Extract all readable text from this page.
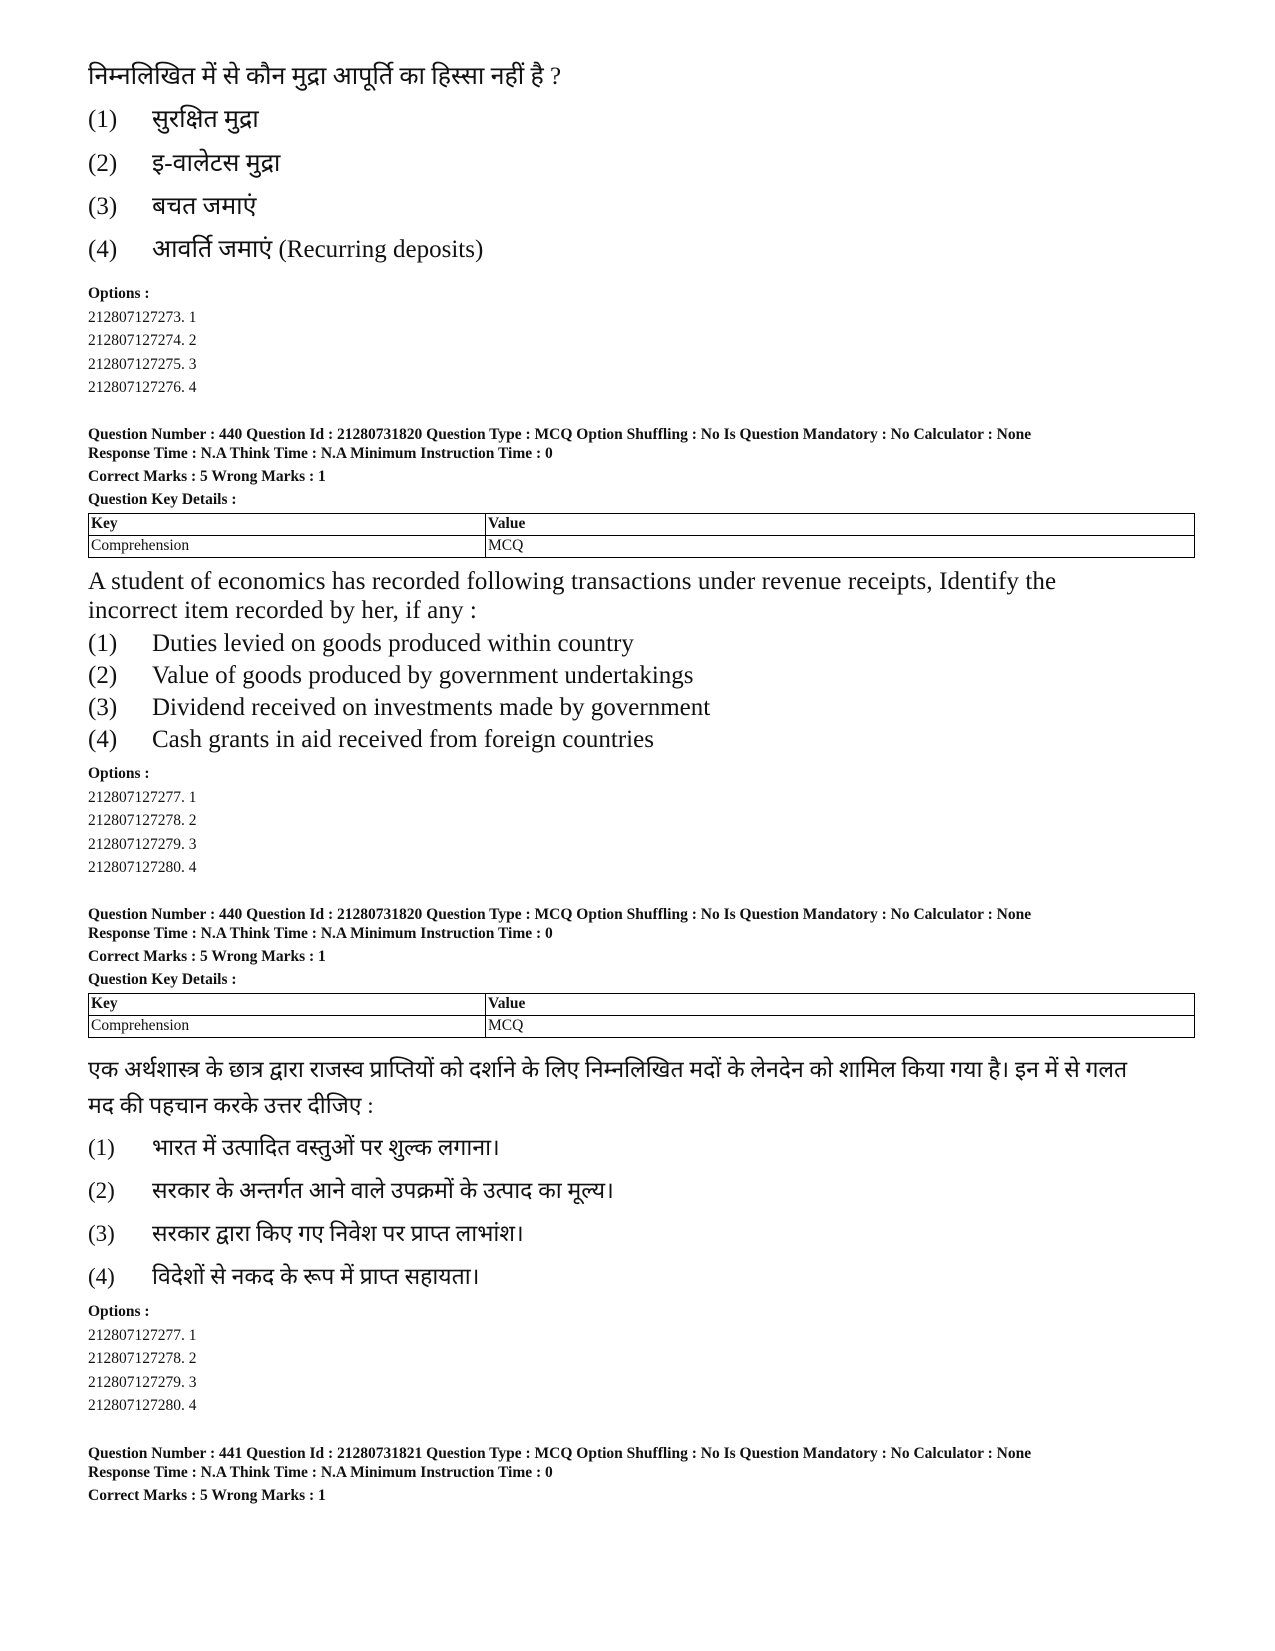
निम्नलिखित में से कौन मुद्रा आपूर्ति का हिस्सा नहीं है ?
(1)	सुरक्षित मुद्रा
(2)	इ-वालेटस मुद्रा
(3)	बचत जमाएं
(4)	आवर्ति जमाएं (Recurring deposits)
Options :
212807127273. 1
212807127274. 2
212807127275. 3
212807127276. 4
Question Number : 440 Question Id : 21280731820 Question Type : MCQ Option Shuffling : No Is Question Mandatory : No Calculator : None
Response Time : N.A Think Time : N.A Minimum Instruction Time : 0
Correct Marks : 5 Wrong Marks : 1
Question Key Details :
Key	Value
Comprehension	MCQ
A student of economics has recorded following transactions under revenue receipts, Identify the incorrect item recorded by her, if any :
(1)	Duties levied on goods produced within country
(2)	Value of goods produced by government undertakings
(3)	Dividend received on investments made by government
(4)	Cash grants in aid received from foreign countries
Options :
212807127277. 1
212807127278. 2
212807127279. 3
212807127280. 4
Question Number : 440 Question Id : 21280731820 Question Type : MCQ Option Shuffling : No Is Question Mandatory : No Calculator : None
Response Time : N.A Think Time : N.A Minimum Instruction Time : 0
Correct Marks : 5 Wrong Marks : 1
Question Key Details :
Key	Value
Comprehension	MCQ
एक अर्थशास्त्र के छात्र द्वारा राजस्व प्राप्तियों को दर्शाने के लिए निम्नलिखित मदों के लेनदेन को शामिल किया गया है। इन में से गलत मद की पहचान करके उत्तर दीजिए :
(1)	भारत में उत्पादित वस्तुओं पर शुल्क लगाना।
(2)	सरकार के अन्तर्गत आने वाले उपक्रमों के उत्पाद का मूल्य।
(3)	सरकार द्वारा किए गए निवेश पर प्राप्त लाभांश।
(4)	विदेशों से नकद के रूप में प्राप्त सहायता।
Options :
212807127277. 1
212807127278. 2
212807127279. 3
212807127280. 4
Question Number : 441 Question Id : 21280731821 Question Type : MCQ Option Shuffling : No Is Question Mandatory : No Calculator : None
Response Time : N.A Think Time : N.A Minimum Instruction Time : 0
Correct Marks : 5 Wrong Marks : 1
